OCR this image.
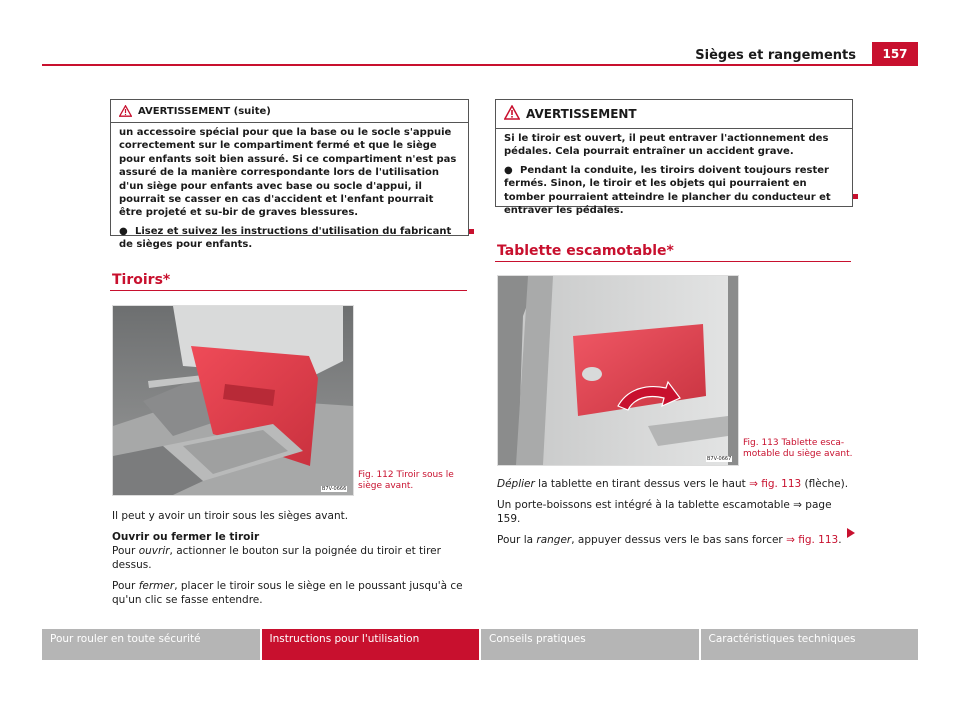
Sièges et rangements	157
AVERTISSEMENT (suite)

un accessoire spécial pour que la base ou le socle s'appuie correctement sur le compartiment fermé et que le siège pour enfants soit bien assuré. Si ce compartiment n'est pas assuré de la manière correspondante lors de l'utilisation d'un siège pour enfants avec base ou socle d'appui, il pourrait se casser en cas d'accident et l'enfant pourrait être projeté et su-bir de graves blessures.

● Lisez et suivez les instructions d'utilisation du fabricant de sièges pour enfants.

Tiroirs*
B7V-0666
Fig. 112 Tiroir sous le
siège avant.

Il peut y avoir un tiroir sous les sièges avant.

Ouvrir ou fermer le tiroir

Pour ouvrir, actionner le bouton sur la poignée du tiroir et tirer dessus.

Pour fermer, placer le tiroir sous le siège en le poussant jusqu'à ce qu'un clic se fasse entendre.

AVERTISSEMENT

Si le tiroir est ouvert, il peut entraver l'actionnement des pédales. Cela pourrait entraîner un accident grave.

● Pendant la conduite, les tiroirs doivent toujours rester fermés. Sinon, le tiroir et les objets qui pourraient en tomber pourraient atteindre le plancher du conducteur et entraver les pédales.

Tablette escamotable*
B7V-0667
Fig. 113 Tablette esca-
motable du siège avant.

Déplier la tablette en tirant dessus vers le haut ⇒ fig. 113 (flèche).

Un porte-boissons est intégré à la tablette escamotable ⇒ page 159.

Pour la ranger, appuyer dessus vers le bas sans forcer ⇒ fig. 113.

Pour rouler en toute sécurité	Instructions pour l'utilisation	Conseils pratiques	Caractéristiques techniques
